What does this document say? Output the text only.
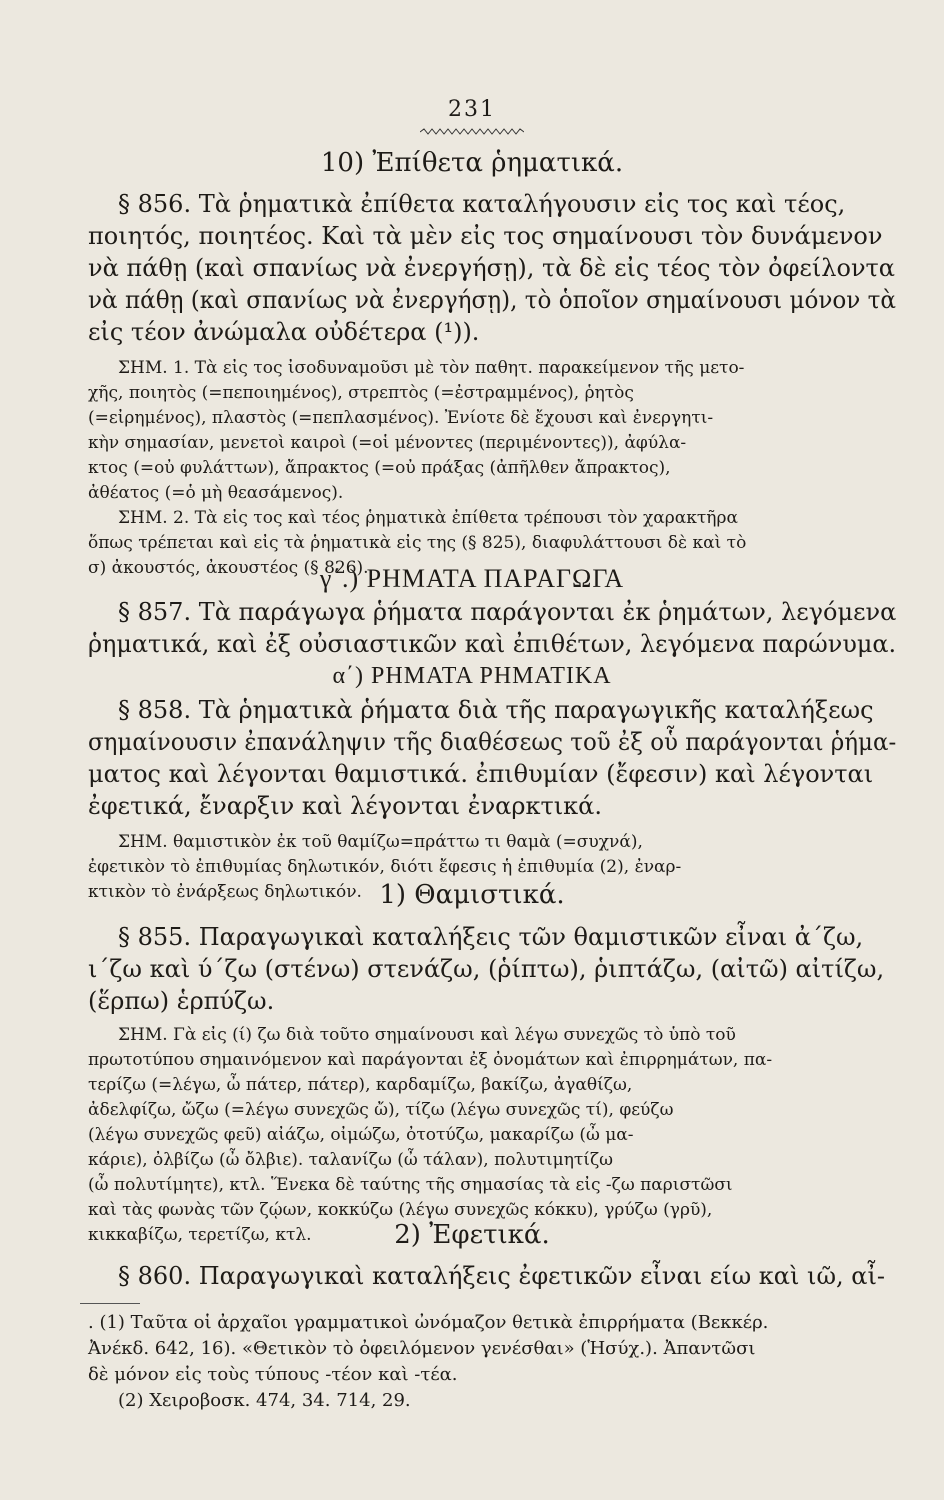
231
10) Ἐπίθετα ῥηματικά.
§ 856. Τὰ ῥηματικὰ ἐπίθετα καταλήγουσιν εἰς τος καὶ τέος,
ποιητός, ποιητέος. Καὶ τὰ μὲν εἰς τος σημαίνουσι τὸν δυνάμενον
νὰ πάθῃ (καὶ σπανίως νὰ ἐνεργήσῃ), τὰ δὲ εἰς τέος τὸν ὀφείλοντα
νὰ πάθῃ (καὶ σπανίως νὰ ἐνεργήσῃ), τὸ ὁποῖον σημαίνουσι μόνον τὰ
εἰς τέον ἀνώμαλα οὐδέτερα (¹)).
ΣΗΜ. 1. Τὰ εἰς τος ἰσοδυναμοῦσι μὲ τὸν παθητ. παρακείμενον τῆς μετο-
χῆς, ποιητὸς (=πεποιημένος), στρεπτὸς (=ἐστραμμένος), ῥητὸς
(=εἰρημένος), πλαστὸς (=πεπλασμένος). Ἐνίοτε δὲ ἔχουσι καὶ ἐνεργητι-
κὴν σημασίαν, μενετοὶ καιροὶ (=οἱ μένοντες (περιμένοντες)), ἀφύλα-
κτος (=οὐ φυλάττων), ἄπρακτος (=οὐ πράξας (ἀπῆλθεν ἄπρακτος),
ἀθέατος (=ὁ μὴ θεασάμενος).
ΣΗΜ. 2. Τὰ εἰς τος καὶ τέος ῥηματικὰ ἐπίθετα τρέπουσι τὸν χαρακτῆρα
ὅπως τρέπεται καὶ εἰς τὰ ῥηματικὰ εἰς της (§ 825), διαφυλάττουσι δὲ καὶ τὸ
σ) ἀκουστός, ἀκουστέος (§ 826).
γ΄.) ΡΗΜΑΤΑ ΠΑΡΑΓΩΓΑ
§ 857. Τὰ παράγωγα ῥήματα παράγονται ἐκ ῥημάτων, λεγόμενα
ῥηματικά, καὶ ἐξ οὐσιαστικῶν καὶ ἐπιθέτων, λεγόμενα παρώνυμα.
α΄) ΡΗΜΑΤΑ ΡΗΜΑΤΙΚΑ
§ 858. Τὰ ῥηματικὰ ῥήματα διὰ τῆς παραγωγικῆς καταλήξεως
σημαίνουσιν ἐπανάληψιν τῆς διαθέσεως τοῦ ἐξ οὗ παράγονται ῥήμα-
ματος καὶ λέγονται θαμιστικά. ἐπιθυμίαν (ἔφεσιν) καὶ λέγονται
ἐφετικά, ἔναρξιν καὶ λέγονται ἐναρκτικά.
ΣΗΜ. θαμιστικὸν ἐκ τοῦ θαμίζω=πράττω τι θαμὰ (=συχνά),
ἐφετικὸν τὸ ἐπιθυμίας δηλωτικόν, διότι ἔφεσις ἡ ἐπιθυμία (2), ἐναρ-
κτικὸν τὸ ἐνάρξεως δηλωτικόν. 1) Θαμιστικά.
§ 855. Παραγωγικαὶ καταλήξεις τῶν θαμιστικῶν εἶναι ἀ΄ζω,
ι΄ζω καὶ ύ΄ζω (στένω) στενάζω, (ῥίπτω), ῥιπτάζω, (αἰτῶ) αἰτίζω,
(ἕρπω) ἑρπύζω.
ΣΗΜ. Γὰ εἰς (ί) ζω διὰ τοῦτο σημαίνουσι καὶ λέγω συνεχῶς τὸ ὑπὸ τοῦ
πρωτοτύπου σημαινόμενον καὶ παράγονται ἐξ ὀνομάτων καὶ ἐπιρρημάτων, πα-
τερίζω (=λέγω, ὦ πάτερ, πάτερ), καρδαμίζω, βακίζω, ἀγαθίζω,
ἀδελφίζω, ὤζω (=λέγω συνεχῶς ὤ), τίζω (λέγω συνεχῶς τί), φεύζω
(λέγω συνεχῶς φεῦ) αἰάζω, οἰμώζω, ὀτοτύζω, μακαρίζω (ὦ μα-
κάριε), ὀλβίζω (ὦ ὄλβιε). ταλανίζω (ὦ τάλαν), πολυτιμητίζω
(ὦ πολυτίμητε), κτλ. Ἕνεκα δὲ ταύτης τῆς σημασίας τὰ εἰς -ζω παριστῶσι
καὶ τὰς φωνὰς τῶν ζῴων, κοκκύζω (λέγω συνεχῶς κόκκυ), γρύζω (γρῦ),
κικκαβίζω, τερετίζω, κτλ.	2) Ἐφετικά.
§ 860. Παραγωγικαὶ καταλήξεις ἐφετικῶν εἶναι είω καὶ ιῶ, αἶ-
. (1) Ταῦτα οἱ ἀρχαῖοι γραμματικοὶ ὠνόμαζον θετικὰ ἐπιρρήματα (Βεκκέρ.
Ἀνέκδ. 642, 16). «Θετικὸν τὸ ὀφειλόμενον γενέσθαι» (Ἡσύχ.). Ἀπαντῶσι
δὲ μόνον εἰς τοὺς τύπους -τέον καὶ -τέα.
(2) Χειροβοσκ. 474, 34. 714, 29.
